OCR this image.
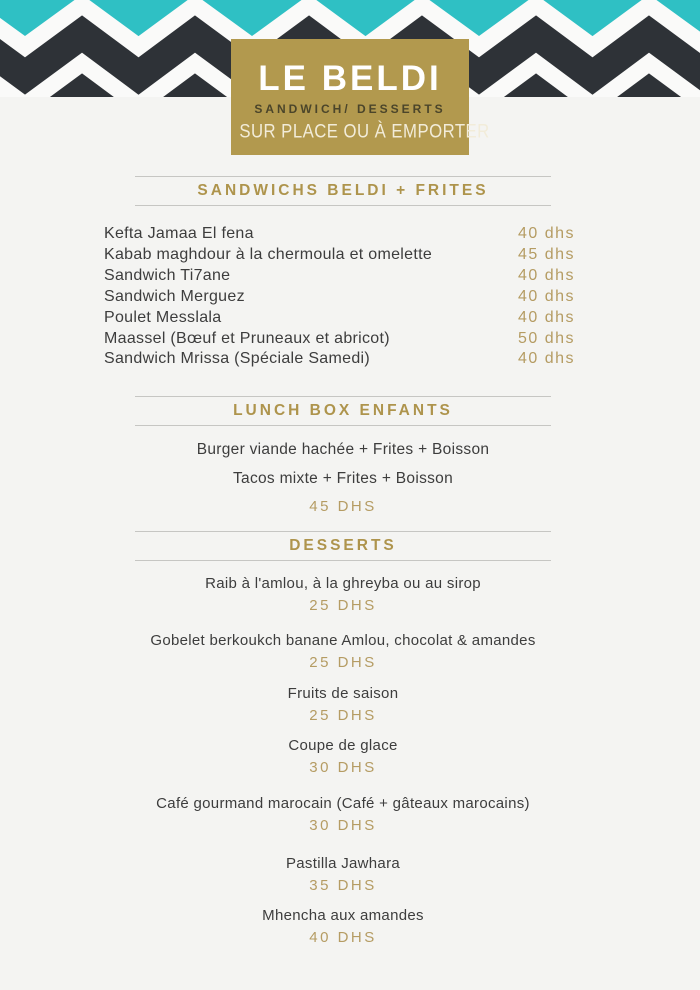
LE BELDI
SANDWICH/ DESSERTS
SUR PLACE OU À EMPORTER
SANDWICHS BELDI + FRITES
Kefta Jamaa El fena	40 dhs
Kabab maghdour à la chermoula et omelette	45 dhs
Sandwich Ti7ane	40 dhs
Sandwich Merguez	40 dhs
Poulet Messlala	40 dhs
Maassel (Bœuf et Pruneaux et abricot)	50 dhs
Sandwich Mrissa (Spéciale Samedi)	40 dhs
LUNCH BOX ENFANTS
Burger viande hachée + Frites + Boisson
Tacos mixte + Frites + Boisson
45 DHS
DESSERTS
Raib à l'amlou, à la ghreyba ou au sirop
25 DHS
Gobelet berkoukch banane Amlou, chocolat & amandes
25 DHS
Fruits de saison
25 DHS
Coupe de glace
30 DHS
Café gourmand marocain (Café + gâteaux marocains)
30 DHS
Pastilla Jawhara
35 DHS
Mhencha aux amandes
40 DHS
